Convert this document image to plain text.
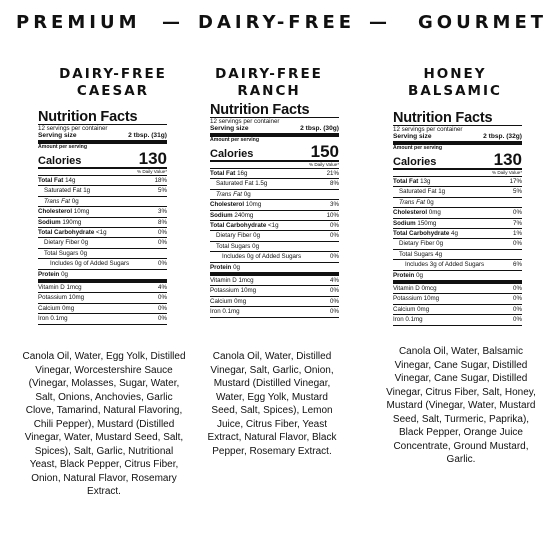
PREMIUM — DAIRY-FREE — GOURMET
DAIRY-FREE
CAESAR
Nutrition Facts
12 servings per container
Serving size	2 tbsp. (31g)
Amount per serving
Calories	130
% Daily Value*
Total Fat 14g	18%
Saturated Fat 1g	5%
Trans Fat 0g
Cholesterol 10mg	3%
Sodium 190mg	8%
Total Carbohydrate <1g	0%
Dietary Fiber 0g	0%
Total Sugars 0g
Includes 0g of Added Sugars	0%
Protein 0g
Vitamin D 1mcg	4%
Potassium 10mg	0%
Calcium 0mg	0%
Iron 0.1mg	0%
Canola Oil, Water, Egg Yolk, Distilled Vinegar, Worcestershire Sauce (Vinegar, Molasses, Sugar, Water, Salt, Onions, Anchovies, Garlic Clove, Tamarind, Natural Flavoring, Chili Pepper), Mustard (Distilled Vinegar, Water, Mustard Seed, Salt, Spices), Salt, Garlic, Nutritional Yeast, Black Pepper, Citrus Fiber, Onion, Natural Flavor, Rosemary Extract.
DAIRY-FREE
RANCH
Nutrition Facts
12 servings per container
Serving size	2 tbsp. (30g)
Amount per serving
Calories	150
% Daily Value*
Total Fat 16g	21%
Saturated Fat 1.5g	8%
Trans Fat 0g
Cholesterol 10mg	3%
Sodium 240mg	10%
Total Carbohydrate <1g	0%
Dietary Fiber 0g	0%
Total Sugars 0g
Includes 0g of Added Sugars	0%
Protein 0g
Vitamin D 1mcg	4%
Potassium 10mg	0%
Calcium 0mg	0%
Iron 0.1mg	0%
Canola Oil, Water, Distilled Vinegar, Salt, Garlic, Onion, Mustard (Distilled Vinegar, Water, Egg Yolk, Mustard Seed, Salt, Spices), Lemon Juice, Citrus Fiber, Yeast Extract, Natural Flavor, Black Pepper, Rosemary Extract.
HONEY
BALSAMIC
Nutrition Facts
12 servings per container
Serving size	2 tbsp. (32g)
Amount per serving
Calories	130
% Daily Value*
Total Fat 13g	17%
Saturated Fat 1g	5%
Trans Fat 0g
Cholesterol 0mg	0%
Sodium 150mg	7%
Total Carbohydrate 4g	1%
Dietary Fiber 0g	0%
Total Sugars 4g
Includes 3g of Added Sugars	6%
Protein 0g
Vitamin D 0mcg	0%
Potassium 10mg	0%
Calcium 0mg	0%
Iron 0.1mg	0%
Canola Oil, Water, Balsamic Vinegar, Cane Sugar, Distilled Vinegar, Cane Sugar, Distilled Vinegar, Citrus Fiber, Salt, Honey, Mustard (Vinegar, Water, Mustard Seed, Salt, Turmeric, Paprika), Black Pepper, Orange Juice Concentrate, Ground Mustard, Garlic.
